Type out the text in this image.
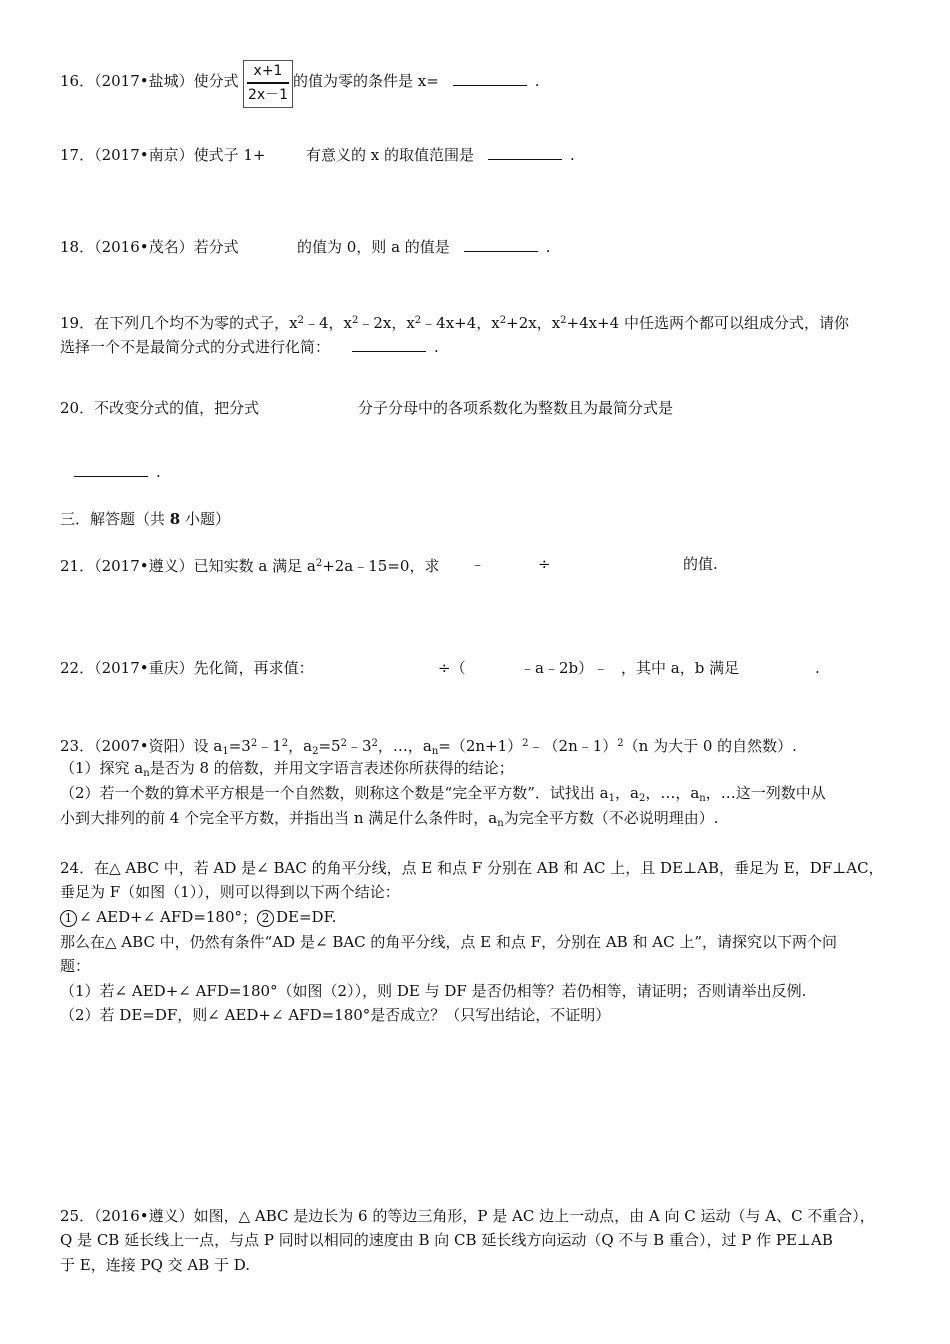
16．（2017•盐城）使分式 $\frac{x+1}{2x-1}$ 的值为零的条件是 x=	.
17．（2017•南京）使式子 1+	有意义的 x 的取值范围是	.
18．（2016•茂名）若分式	的值为 0，则 a 的值是	.
19．在下列几个均不为零的式子，$x^2﹣4$，$x^2﹣2x$，$x^2﹣4x+4$，$x^2+2x$，$x^2+4x+4$ 中任选两个都可以组成分式，请你
选择一个不是最简分式的分式进行化简：	.
20．不改变分式的值，把分式	分子分母中的各项系数化为整数且为最简分式是
.
三．解答题（共 8 小题）
21．（2017•遵义）已知实数 a 满足 $a^2+2a﹣15=0$，求 ﹣	÷	的值.
22．（2017•重庆）先化简，再求值：	÷（	﹣a﹣2b）﹣ ，其中 a，b 满足	.
23．（2007•资阳）设 $a_1=3^2﹣1^2$，$a_2=5^2﹣3^2$，…，$a_n=(2n+1)^2﹣(2n﹣1)^2(n$ 为大于 0 的自然数）.
（1）探究 $a_n$是否为 8 的倍数，并用文字语言表述你所获得的结论；
（2）若一个数的算术平方根是一个自然数，则称这个数是“完全平方数”．试找出 $a_1$，$a_2$，…，$a_n$，…这一列数中从
小到大排列的前 4 个完全平方数，并指出当 n 满足什么条件时，$a_n$为完全平方数（不必说明理由）.
24．在△ ABC 中，若 AD 是∠ BAC 的角平分线，点 E 和点 F 分别在 AB 和 AC 上，且 DE⊥AB，垂足为 E，DF⊥AC，
垂足为 F（如图（1）），则可以得到以下两个结论：
1 ∠ AED+∠ AFD=180°； 2 DE=DF.
那么在△ ABC 中，仍然有条件“AD 是∠ BAC 的角平分线，点 E 和点 F，分别在 AB 和 AC 上”，请探究以下两个问
题：
（1）若∠ AED+∠ AFD=180°（如图（2）），则 DE 与 DF 是否仍相等？若仍相等，请证明；否则请举出反例.
（2）若 DE=DF，则∠ AED+∠ AFD=180°是否成立？（只写出结论，不证明）
25．（2016•遵义）如图，△ ABC 是边长为 6 的等边三角形，P 是 AC 边上一动点，由 A 向 C 运动（与 A、C 不重合），
Q 是 CB 延长线上一点，与点 P 同时以相同的速度由 B 向 CB 延长线方向运动（Q 不与 B 重合），过 P 作 PE⊥AB
于 E，连接 PQ 交 AB 于 D.
